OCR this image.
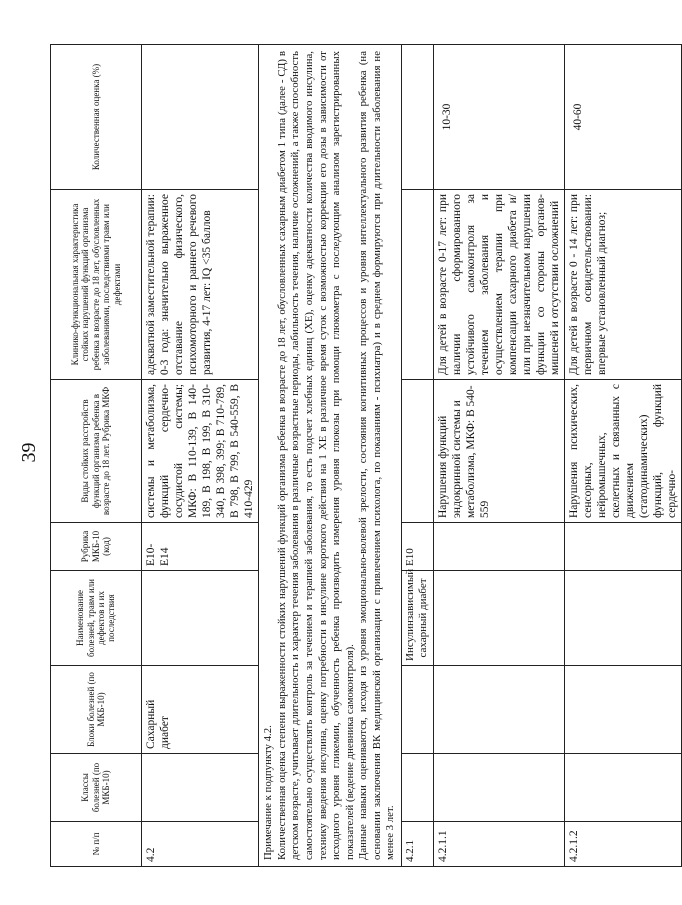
39
№ п/п	Классы болезней (по МКБ-10)	Блоки болезней (по МКБ-10)	Наименование болезней, травм или дефектов и их последствия	Рубрика МКБ-10 (код)	Виды стойких расстройств функций организма ребенка в возрасте до 18 лет. Рубрика МКФ	Клинико-функциональная характеристика стойких нарушений функций организма ребенка в возрасте до 18 лет, обусловленных заболеваниями, последствиями травм или дефектами	Количественная оценка (%)
4.2		Сахарный диабет		E10-E14	системы и метаболизма, функций сердечно-сосудистой системы; МКФ: B 110-139, B 140-189, B 198, B 199, B 310-340, B 398, 399; B 710-789, B 798, B 799, B 540-559, B 410-429	адекватной заместительной терапии: 0-3 года: значительно выраженное отставание физического, психомоторного и раннего речевого развития, 4-17 лет: IQ <35 баллов	

Примечание к подпункту 4.2. Количественная оценка степени выраженности стойких нарушений функций организма ребенка в возрасте до 18 лет, обусловленных сахарным диабетом 1 типа (далее - СД) в детском возрасте, учитывает длительность и характер течения заболевания в различные возрастные периоды, лабильность течения, наличие осложнений, а также способность самостоятельно осуществлять контроль за течением и терапией заболевания, то есть подсчет хлебных единиц (ХЕ), оценку адекватности количества вводимого инсулина, технику введения инсулина, оценку потребности в инсулине короткого действия на 1 ХЕ в различное время суток с возможностью коррекции его дозы в зависимости от исходного уровня гликемии, обученность ребенка производить измерения уровня глюкозы при помощи глюкометра с последующим анализом зарегистрированных показателей (ведение дневника самоконтроля). Данные навыки оцениваются, исходя из уровня эмоционально-волевой зрелости, состояния когнитивных процессов и уровня интеллектуального развития ребенка (на основании заключения ВК медицинской организации с привлечением психолога, по показаниям - психиатра) и в среднем формируются при длительности заболевания не менее 3 лет.							

4.2.1			Инсулинзависимый сахарный диабет	E10			
4.2.1.1					Нарушения функций эндокринной системы и метаболизма, МКФ: B 540-559	Для детей в возрасте 0-17 лет: при наличии сформированного устойчивого самоконтроля за течением заболевания и осуществлением терапии при компенсации сахарного диабета и/или при незначительном нарушении функции со стороны органов-мишеней и отсутствии осложнений	10-30
4.2.1.2					Нарушения психических, сенсорных, нейромышечных, скелетных и связанных с движением (статодинамических) функций, функций сердечно-	Для детей в возрасте 0 - 14 лет: при первичном освидетельствовании: впервые установленный диагноз;	40-60
